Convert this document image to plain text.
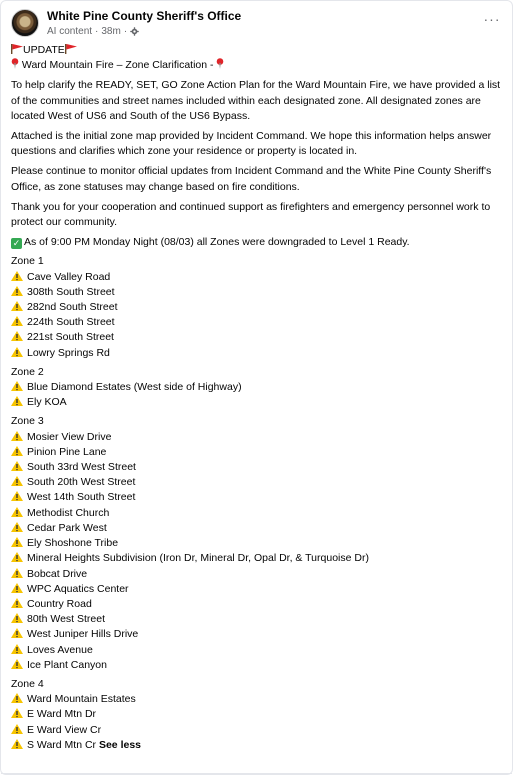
White Pine County Sheriff's Office
AI content · 38m ·
···

UPDATE

Ward Mountain Fire – Zone Clarification -

To help clarify the READY, SET, GO Zone Action Plan for the Ward Mountain Fire, we have provided a list of the communities and street names included within each designated zone. All designated zones are located West of US6 and South of the US6 Bypass.

Attached is the initial zone map provided by Incident Command. We hope this information helps answer questions and clarifies which zone your residence or property is located in.

Please continue to monitor official updates from Incident Command and the White Pine County Sheriff's Office, as zone statuses may change based on fire conditions.

Thank you for your cooperation and continued support as firefighters and emergency personnel work to protect our community.

✓ As of 9:00 PM Monday Night (08/03) all Zones were downgraded to Level 1 Ready.

Zone 1

Cave Valley Road

308th South Street

282nd South Street

224th South Street

221st South Street

Lowry Springs Rd

Zone 2

Blue Diamond Estates (West side of Highway)

Ely KOA

Zone 3

Mosier View Drive

Pinion Pine Lane

South 33rd West Street

South 20th West Street

West 14th South Street

Methodist Church

Cedar Park West

Ely Shoshone Tribe

Mineral Heights Subdivision (Iron Dr, Mineral Dr, Opal Dr, & Turquoise Dr)

Bobcat Drive

WPC Aquatics Center

Country Road

80th West Street

West Juniper Hills Drive

Loves Avenue

Ice Plant Canyon

Zone 4

Ward Mountain Estates

E Ward Mtn Dr

E Ward View Cr

S Ward Mtn Cr See less
